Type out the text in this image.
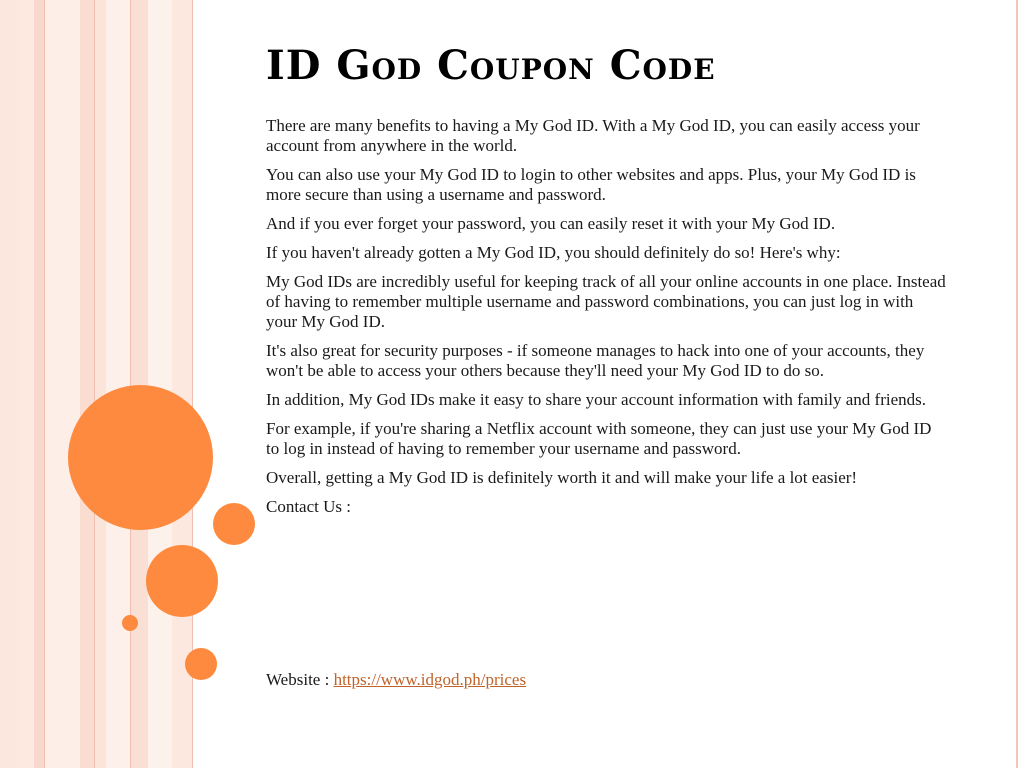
ID God Coupon Code

There are many benefits to having a My God ID. With a My God ID, you can easily access your account from anywhere in the world.

You can also use your My God ID to login to other websites and apps. Plus, your My God ID is more secure than using a username and password.

And if you ever forget your password, you can easily reset it with your My God ID.

If you haven't already gotten a My God ID, you should definitely do so! Here's why:

My God IDs are incredibly useful for keeping track of all your online accounts in one place. Instead of having to remember multiple username and password combinations, you can just log in with your My God ID.

It's also great for security purposes - if someone manages to hack into one of your accounts, they won't be able to access your others because they'll need your My God ID to do so.

In addition, My God IDs make it easy to share your account information with family and friends.

For example, if you're sharing a Netflix account with someone, they can just use your My God ID to log in instead of having to remember your username and password.

Overall, getting a My God ID is definitely worth it and will make your life a lot easier!

Contact Us :

Website : https://www.idgod.ph/prices
